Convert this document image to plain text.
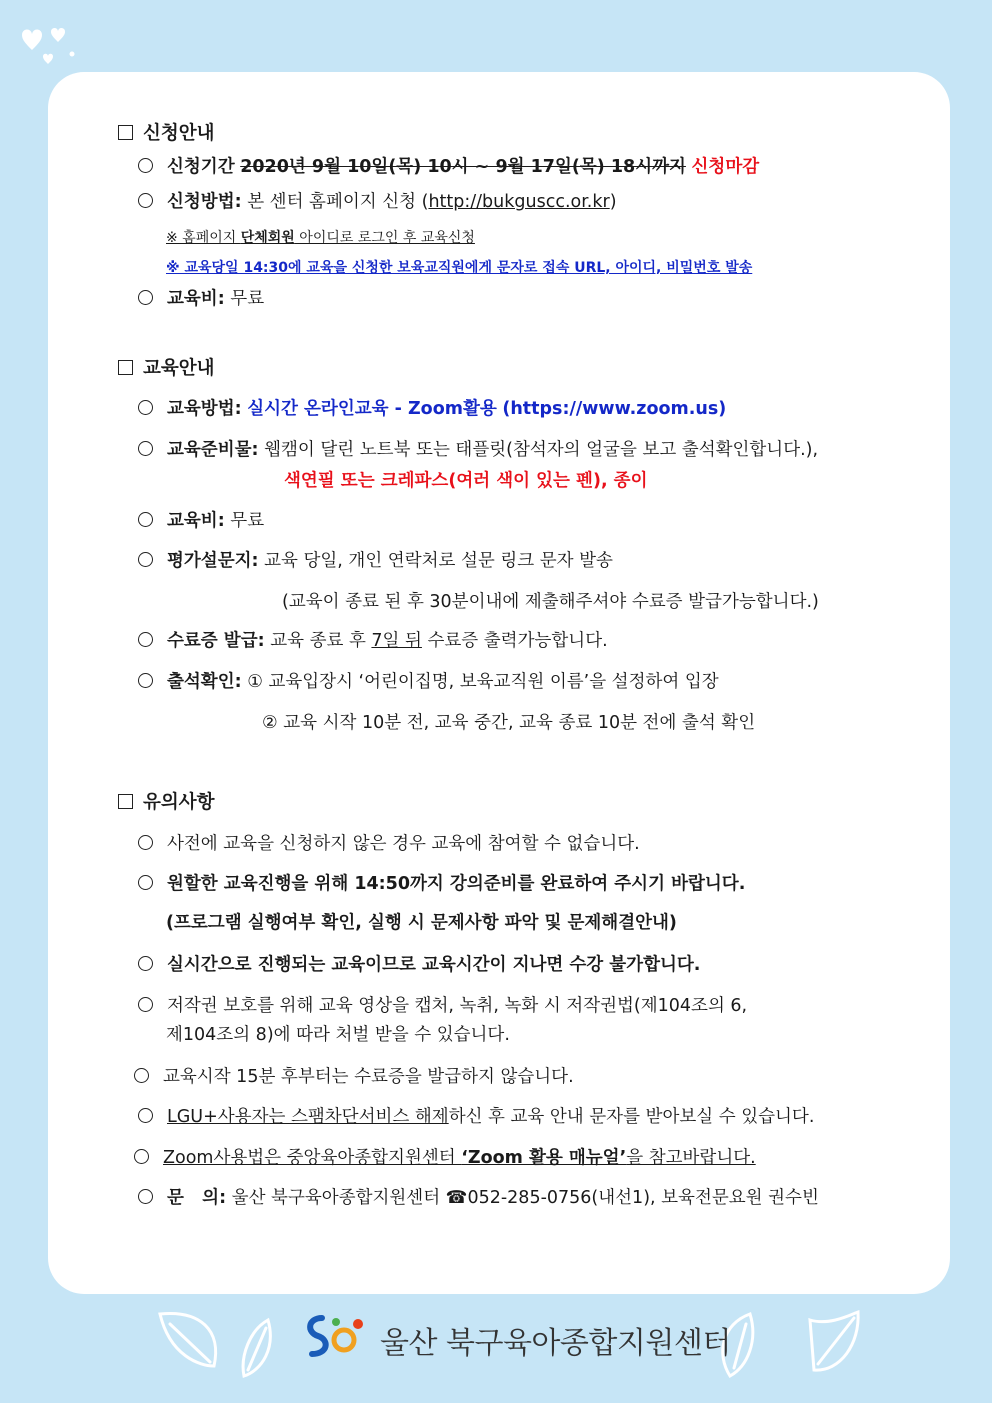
신청안내
신청기간 2020년 9월 10일(목) 10시 ~ 9월 17일(목) 18시까지 신청마감
신청방법: 본 센터 홈페이지 신청 (http://bukguscc.or.kr)
※ 홈페이지 단체회원 아이디로 로그인 후 교육신청
※ 교육당일 14:30에 교육을 신청한 보육교직원에게 문자로 접속 URL, 아이디, 비밀번호 발송
교육비: 무료
교육안내
교육방법: 실시간 온라인교육 - Zoom활용 (https://www.zoom.us)
교육준비물: 웹캠이 달린 노트북 또는 태플릿(참석자의 얼굴을 보고 출석확인합니다.),
색연필 또는 크레파스(여러 색이 있는 펜), 종이
교육비: 무료
평가설문지: 교육 당일, 개인 연락처로 설문 링크 문자 발송
(교육이 종료 된 후 30분이내에 제출해주셔야 수료증 발급가능합니다.)
수료증 발급: 교육 종료 후 7일 뒤 수료증 출력가능합니다.
출석확인: ① 교육입장시 ‘어린이집명, 보육교직원 이름’을 설정하여 입장
② 교육 시작 10분 전, 교육 중간, 교육 종료 10분 전에 출석 확인
유의사항
사전에 교육을 신청하지 않은 경우 교육에 참여할 수 없습니다.
원할한 교육진행을 위해 14:50까지 강의준비를 완료하여 주시기 바랍니다.
(프로그램 실행여부 확인, 실행 시 문제사항 파악 및 문제해결안내)
실시간으로 진행되는 교육이므로 교육시간이 지나면 수강 불가합니다.
저작권 보호를 위해 교육 영상을 캡처, 녹취, 녹화 시 저작권법(제104조의 6,
제104조의 8)에 따라 처벌 받을 수 있습니다.
교육시작 15분 후부터는 수료증을 발급하지 않습니다.
LGU+사용자는 스팸차단서비스 해제하신 후 교육 안내 문자를 받아보실 수 있습니다.
Zoom사용법은 중앙육아종합지원센터 ‘Zoom 활용 매뉴얼’을 참고바랍니다.
문   의: 울산 북구육아종합지원센터 ☎052-285-0756(내선1), 보육전문요원 권수빈
울산 북구육아종합지원센터
